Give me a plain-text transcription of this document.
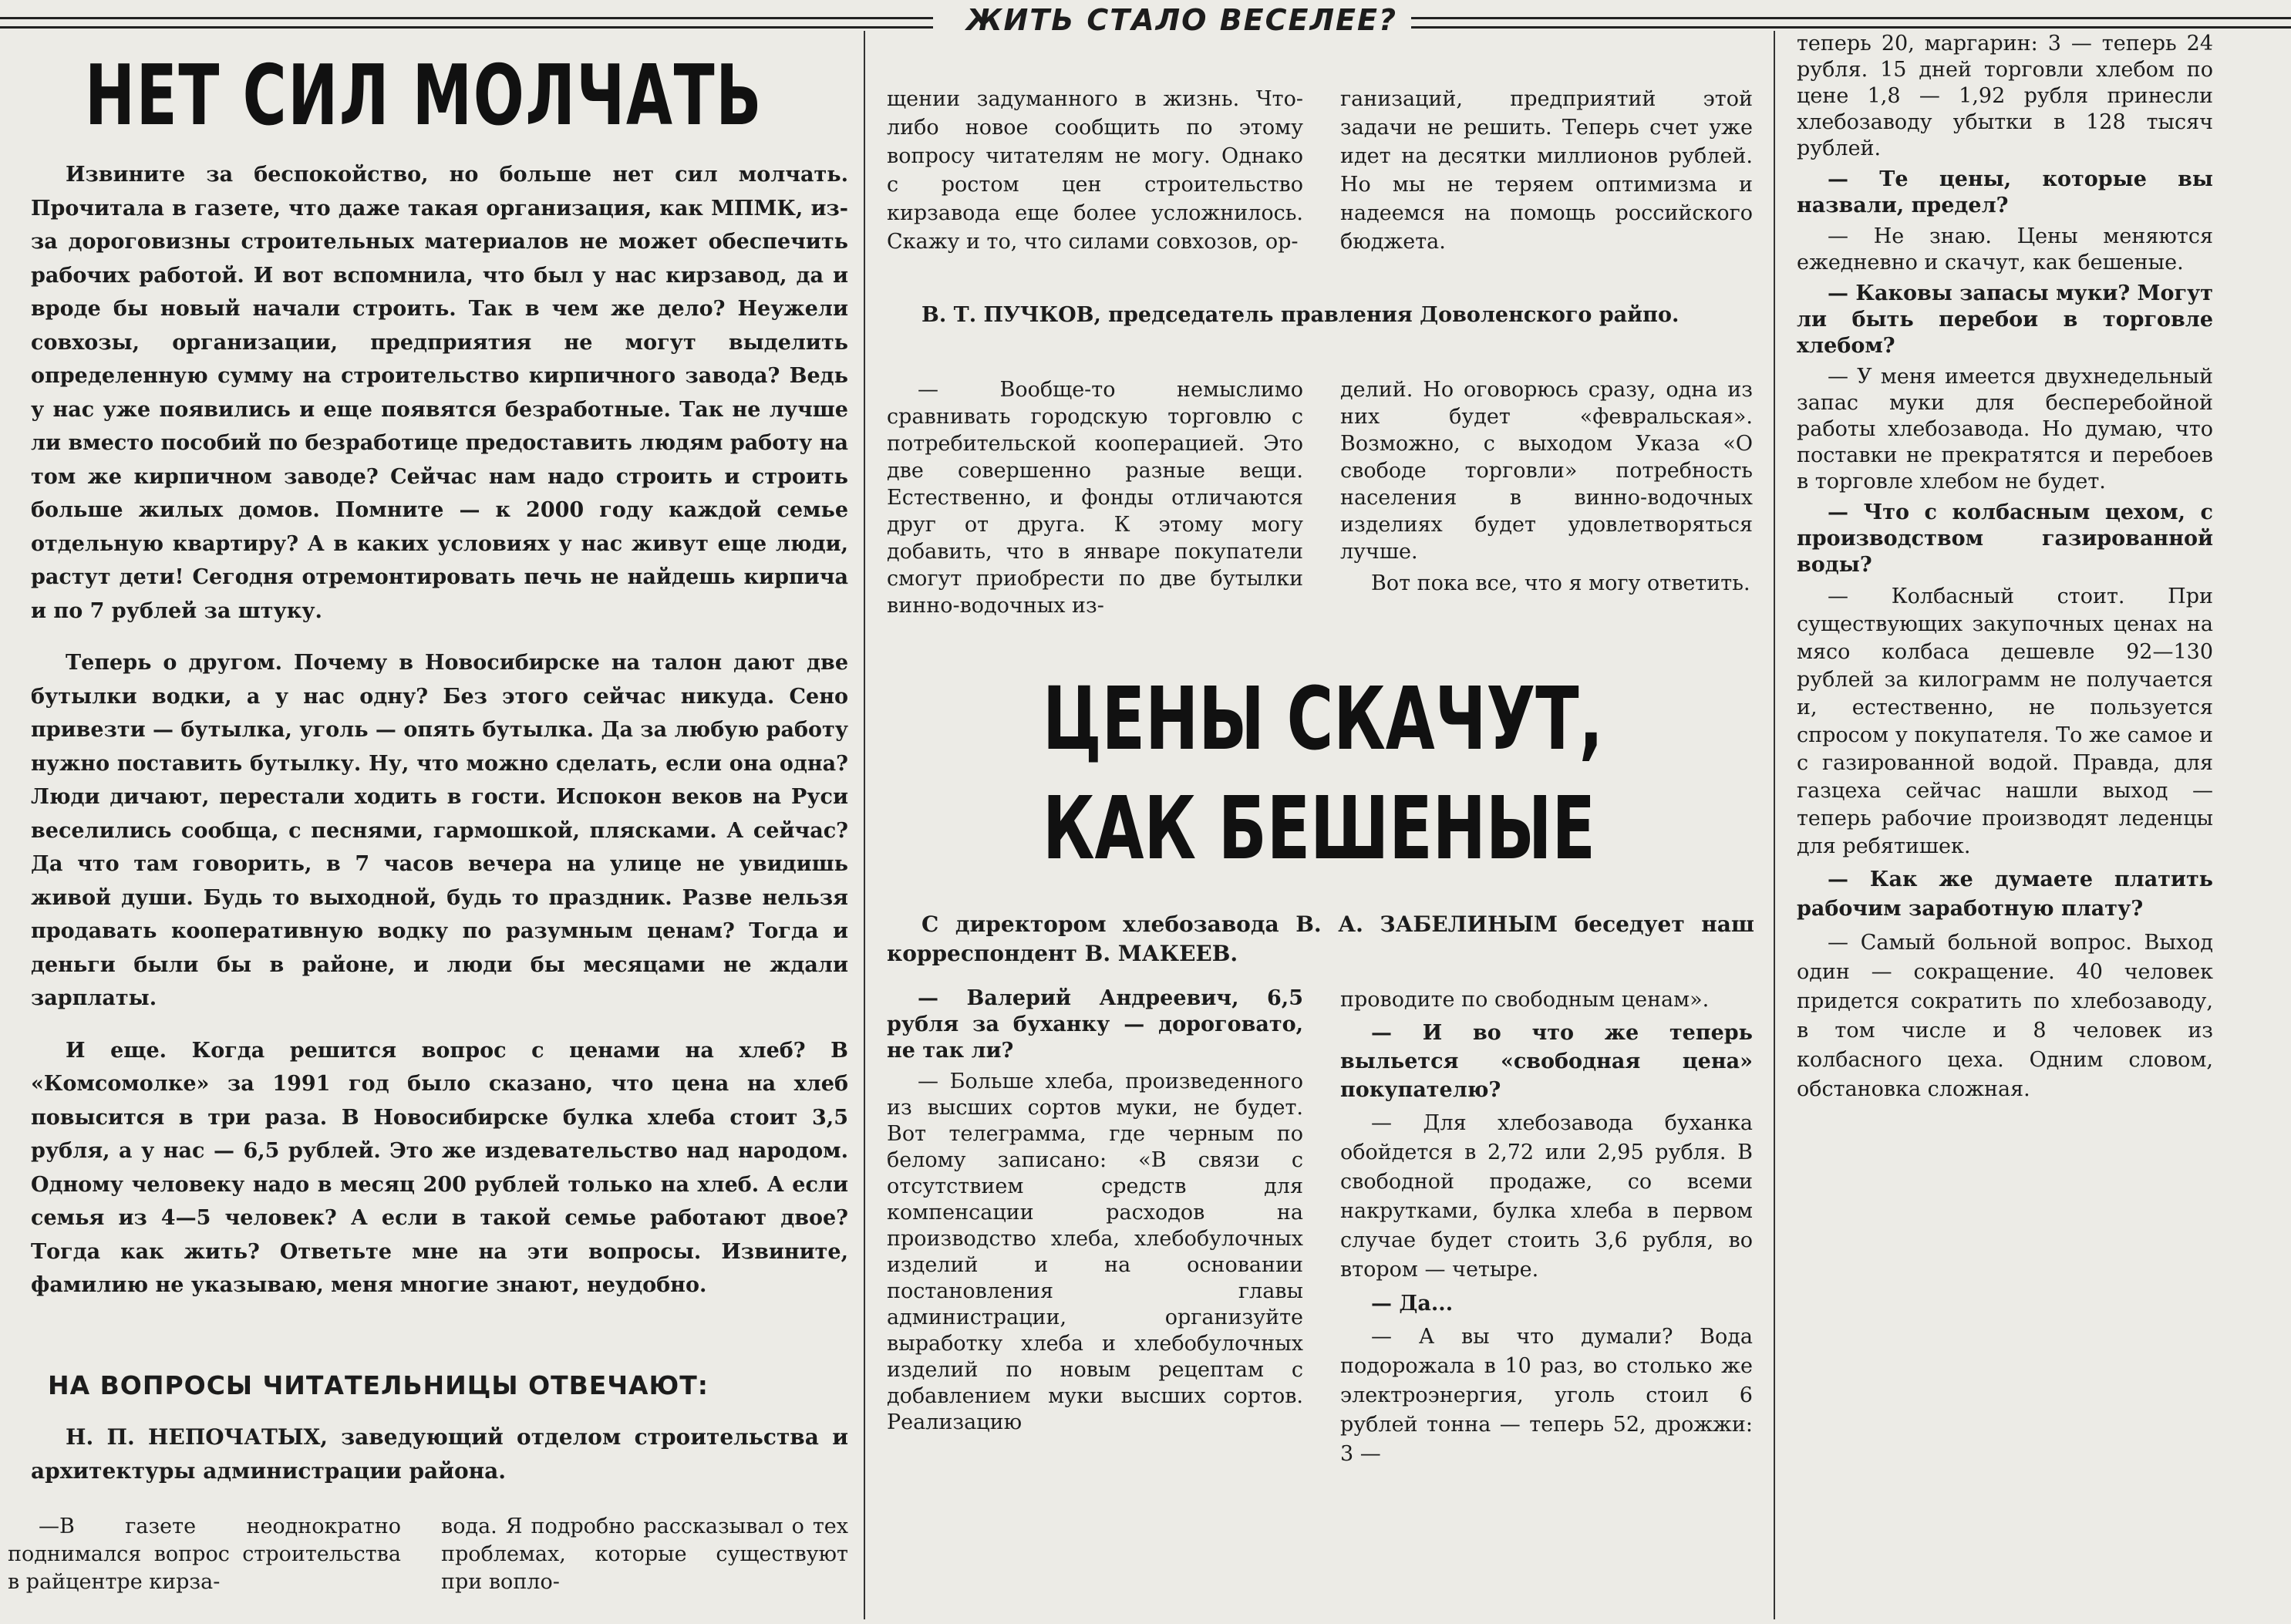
ЖИТЬ СТАЛО ВЕСЕЛЕЕ?
НЕТ СИЛ МОЛЧАТЬ

Извините за беспокойство, но больше нет сил молчать. Прочитала в газете, что даже такая организация, как МПМК, из-за дороговизны строительных материалов не может обеспечить рабочих работой. И вот вспомнила, что был у нас кирзавод, да и вроде бы новый начали строить. Так в чем же дело? Неужели совхозы, организации, предприятия не могут выделить определенную сумму на строительство кирпичного завода? Ведь у нас уже появились и еще появятся безработные. Так не лучше ли вместо пособий по безработице предоставить людям работу на том же кирпичном заводе? Сейчас нам надо строить и строить больше жилых домов. Помните — к 2000 году каждой семье отдельную квартиру? А в каких условиях у нас живут еще люди, растут дети! Сегодня отремонтировать печь не найдешь кирпича и по 7 рублей за штуку.

Теперь о другом. Почему в Новосибирске на талон дают две бутылки водки, а у нас одну? Без этого сейчас никуда. Сено привезти — бутылка, уголь — опять бутылка. Да за любую работу нужно поставить бутылку. Ну, что можно сделать, если она одна? Люди дичают, перестали ходить в гости. Испокон веков на Руси веселились сообща, с песнями, гармошкой, плясками. А сейчас? Да что там говорить, в 7 часов вечера на улице не увидишь живой души. Будь то выходной, будь то праздник. Разве нельзя продавать кооперативную водку по разумным ценам? Тогда и деньги были бы в районе, и люди бы месяцами не ждали зарплаты.

И еще. Когда решится вопрос с ценами на хлеб? В «Комсомолке» за 1991 год было сказано, что цена на хлеб повысится в три раза. В Новосибирске булка хлеба стоит 3,5 рубля, а у нас — 6,5 рублей. Это же издевательство над народом. Одному человеку надо в месяц 200 рублей только на хлеб. А если семья из 4—5 человек? А если в такой семье работают двое? Тогда как жить? Ответьте мне на эти вопросы. Извините, фамилию не указываю, меня многие знают, неудобно.

НА ВОПРОСЫ ЧИТАТЕЛЬНИЦЫ ОТВЕЧАЮТ:

Н. П. НЕПОЧАТЫХ, заведующий отделом строительства и архитектуры администрации района.

—В газете неоднократно поднимался вопрос строительства в райцентре кирза-

вода. Я подробно рассказывал о тех проблемах, которые существуют при вопло-

щении задуманного в жизнь. Что-либо новое сообщить по этому вопросу читателям не могу. Однако с ростом цен строительство кирзавода еще более усложнилось. Скажу и то, что силами совхозов, ор-

ганизаций, предприятий этой задачи не решить. Теперь счет уже идет на десятки миллионов рублей. Но мы не теряем оптимизма и надеемся на помощь российского бюджета.

В. Т. ПУЧКОВ, председатель правления Доволенского райпо.

— Вообще-то немыслимо сравнивать городскую торговлю с потребительской кооперацией. Это две совершенно разные вещи. Естественно, и фонды отличаются друг от друга. К этому могу добавить, что в январе покупатели смогут приобрести по две бутылки винно-водочных из-

делий. Но оговорюсь сразу, одна из них будет «февральская». Возможно, с выходом Указа «О свободе торговли» потребность населения в винно-водочных изделиях будет удовлетворяться лучше.

Вот пока все, что я могу ответить.

ЦЕНЫ СКАЧУТ,
КАК БЕШЕНЫЕ

С директором хлебозавода В. А. ЗАБЕЛИНЫМ беседует наш корреспондент В. МАКЕЕВ.

— Валерий Андреевич, 6,5 рубля за буханку — дороговато, не так ли?

— Больше хлеба, произведенного из высших сортов муки, не будет. Вот телеграмма, где черным по белому записано: «В связи с отсутствием средств для компенсации расходов на производство хлеба, хлебобулочных изделий и на основании постановления главы администрации, организуйте выработку хлеба и хлебобулочных изделий по новым рецептам с добавлением муки высших сортов. Реализацию

проводите по свободным ценам».

— И во что же теперь выльется «свободная цена» покупателю?

— Для хлебозавода буханка обойдется в 2,72 или 2,95 рубля. В свободной продаже, со всеми накрутками, булка хлеба в первом случае будет стоить 3,6 рубля, во втором — четыре.

— Да...

— А вы что думали? Вода подорожала в 10 раз, во столько же электроэнергия, уголь стоил 6 рублей тонна — теперь 52, дрожжи: 3 —

теперь 20, маргарин: 3 — теперь 24 рубля. 15 дней торговли хлебом по цене 1,8 — 1,92 рубля принесли хлебозаводу убытки в 128 тысяч рублей.

— Те цены, которые вы назвали, предел?

— Не знаю. Цены меняются ежедневно и скачут, как бешеные.

— Каковы запасы муки? Могут ли быть перебои в торговле хлебом?

— У меня имеется двухнедельный запас муки для бесперебойной работы хлебозавода. Но думаю, что поставки не прекратятся и перебоев в торговле хлебом не будет.

— Что с колбасным цехом, с производством газированной воды?

— Колбасный стоит. При существующих закупочных ценах на мясо колбаса дешевле 92—130 рублей за килограмм не получается и, естественно, не пользуется спросом у покупателя. То же самое и с газированной водой. Правда, для газцеха сейчас нашли выход — теперь рабочие производят леденцы для ребятишек.

— Как же думаете платить рабочим заработную плату?

— Самый больной вопрос. Выход один — сокращение. 40 человек придется сократить по хлебозаводу, в том числе и 8 человек из колбасного цеха. Одним словом, обстановка сложная.
